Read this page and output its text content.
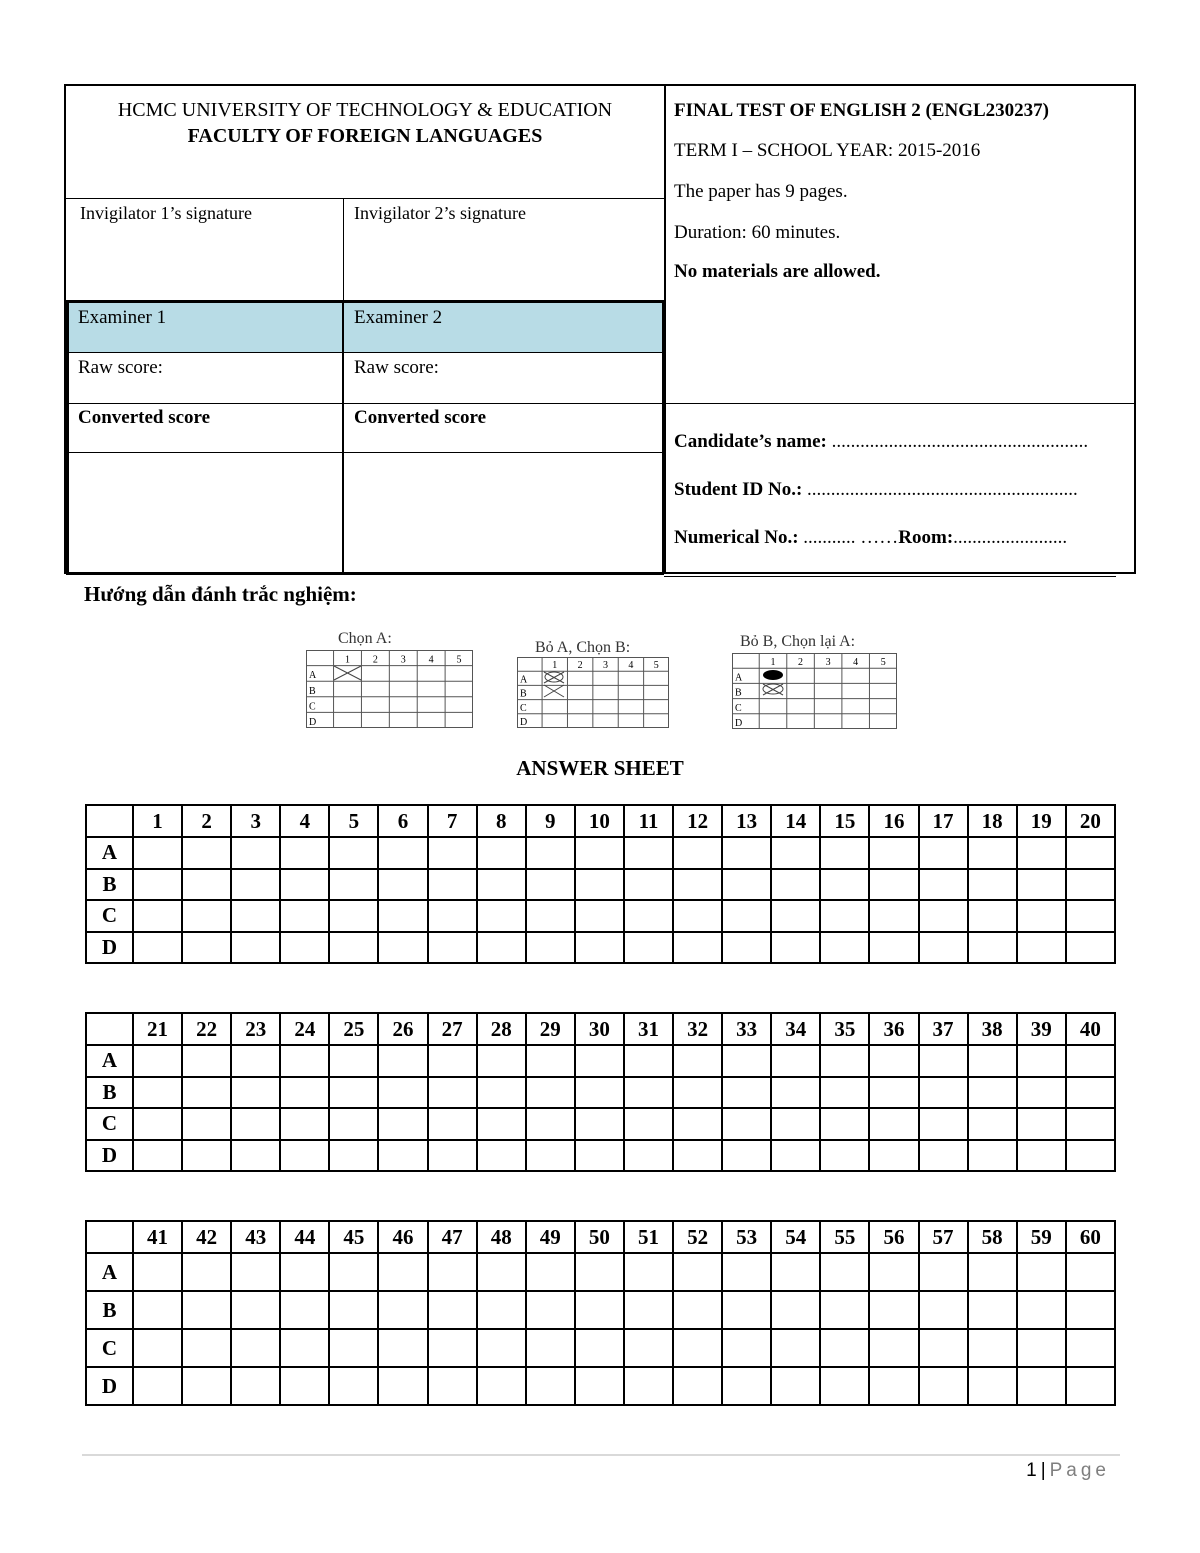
HCMC UNIVERSITY OF TECHNOLOGY & EDUCATION
FACULTY OF FOREIGN LANGUAGES
Invigilator 1’s signature	Invigilator 2’s signature
Examiner 1	Examiner 2
Raw score:	Raw score:
Converted score	Converted score
FINAL TEST OF ENGLISH 2 (ENGL230237)
TERM I – SCHOOL YEAR: 2015-2016
The paper has 9 pages.
Duration: 60 minutes.
No materials are allowed.
Candidate’s name: ......................................................
Student ID No.: .........................................................
Numerical No.: ........... ……Room:........................
Hướng dẫn đánh trắc nghiệm:
Chọn A:
1 2 3 4 5
A
B
C
D
Bỏ A, Chọn B:
1 2 3 4 5
A
B
C
D
Bỏ B, Chọn lại A:
1 2 3 4 5
A
B
C
D
ANSWER SHEET
	1	2	3	4	5	6	7	8	9	10	11	12	13	14	15	16	17	18	19	20
A																				
B																				
C																				
D																				
	21	22	23	24	25	26	27	28	29	30	31	32	33	34	35	36	37	38	39	40
A																				
B																				
C																				
D																				
	41	42	43	44	45	46	47	48	49	50	51	52	53	54	55	56	57	58	59	60
A																				
B																				
C																				
D																				
1 | Page
